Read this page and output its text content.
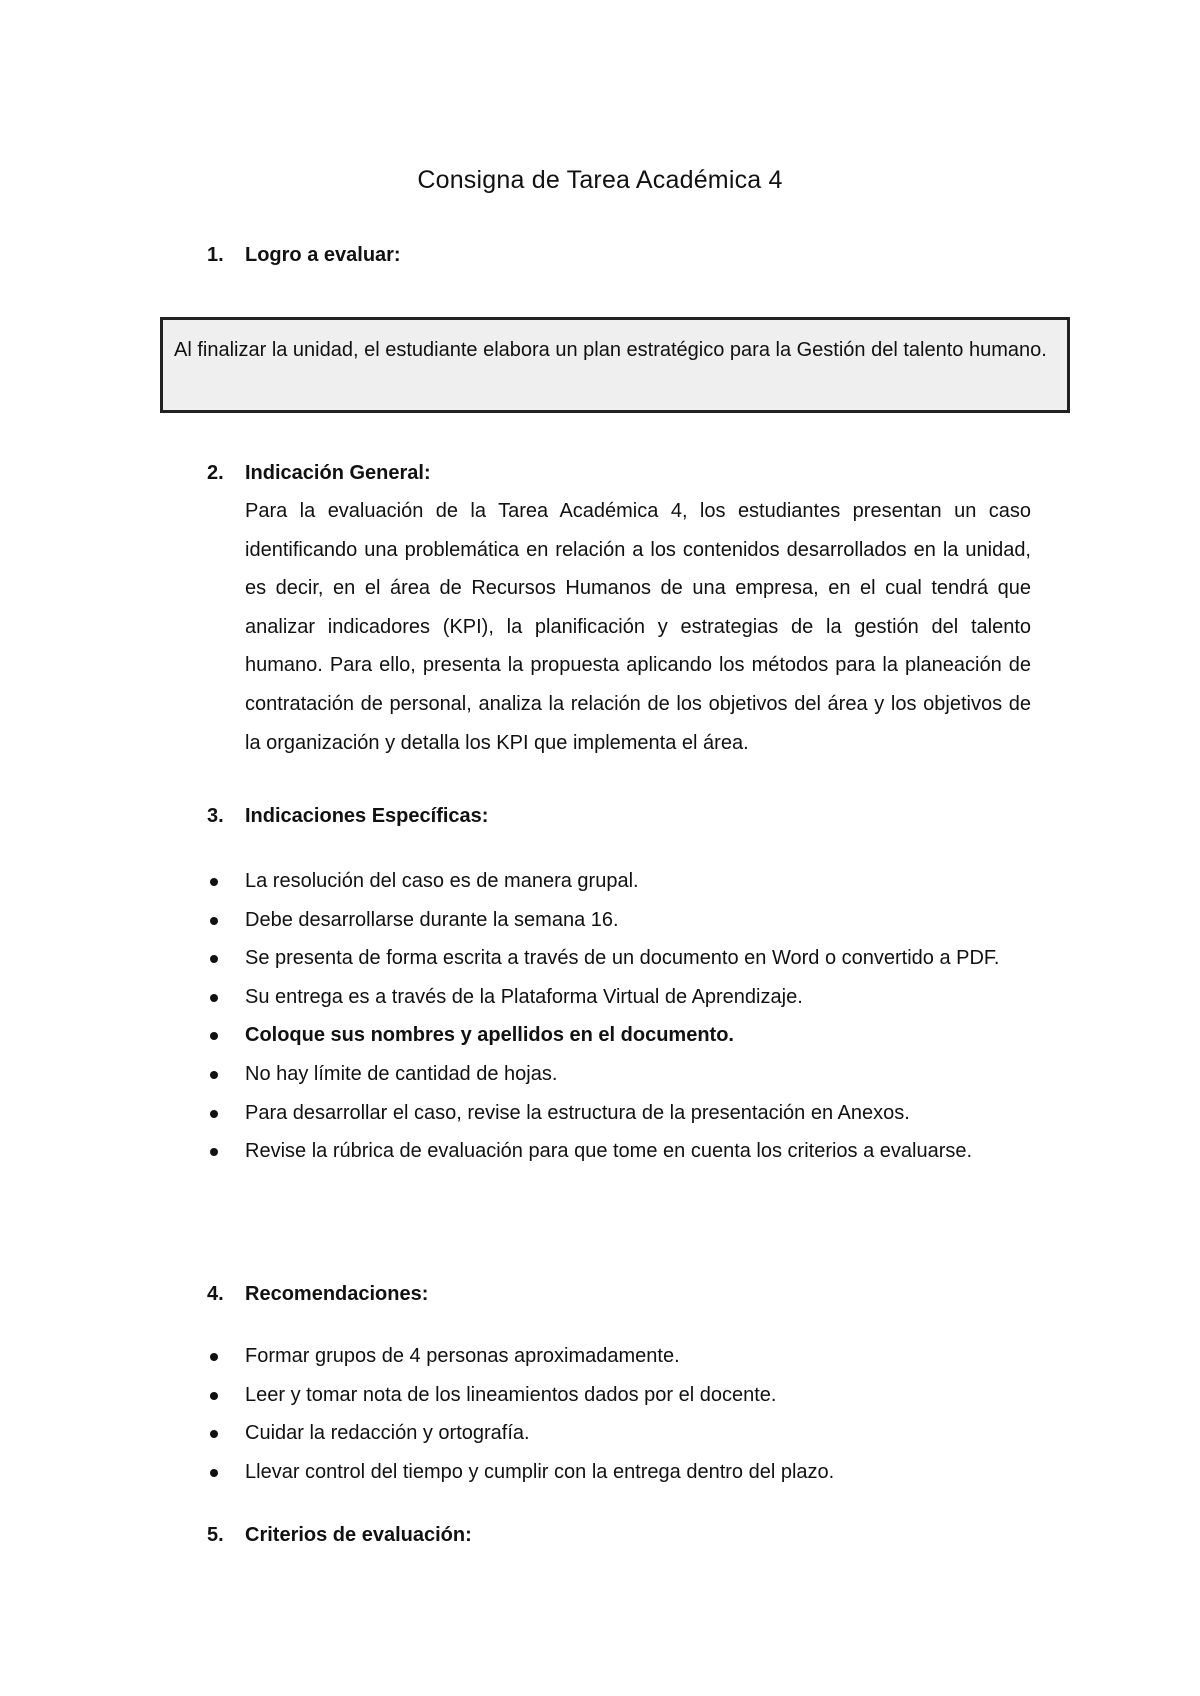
Consigna de Tarea Académica 4
1. Logro a evaluar:

Al finalizar la unidad, el estudiante elabora un plan estratégico para la Gestión del talento humano.

2. Indicación General:

Para la evaluación de la Tarea Académica 4, los estudiantes presentan un caso identificando una problemática en relación a los contenidos desarrollados en la unidad, es decir, en el área de Recursos Humanos de una empresa, en el cual tendrá que analizar indicadores (KPI), la planificación y estrategias de la gestión del talento humano. Para ello, presenta la propuesta aplicando los métodos para la planeación de contratación de personal, analiza la relación de los objetivos del área y los objetivos de la organización y detalla los KPI que implementa el área.

3. Indicaciones Específicas:
La resolución del caso es de manera grupal.
Debe desarrollarse durante la semana 16.
Se presenta de forma escrita a través de un documento en Word o convertido a PDF.
Su entrega es a través de la Plataforma Virtual de Aprendizaje.
Coloque sus nombres y apellidos en el documento.
No hay límite de cantidad de hojas.
Para desarrollar el caso, revise la estructura de la presentación en Anexos.
Revise la rúbrica de evaluación para que tome en cuenta los criterios a evaluarse.
4. Recomendaciones:
Formar grupos de 4 personas aproximadamente.
Leer y tomar nota de los lineamientos dados por el docente.
Cuidar la redacción y ortografía.
Llevar control del tiempo y cumplir con la entrega dentro del plazo.
5. Criterios de evaluación:
